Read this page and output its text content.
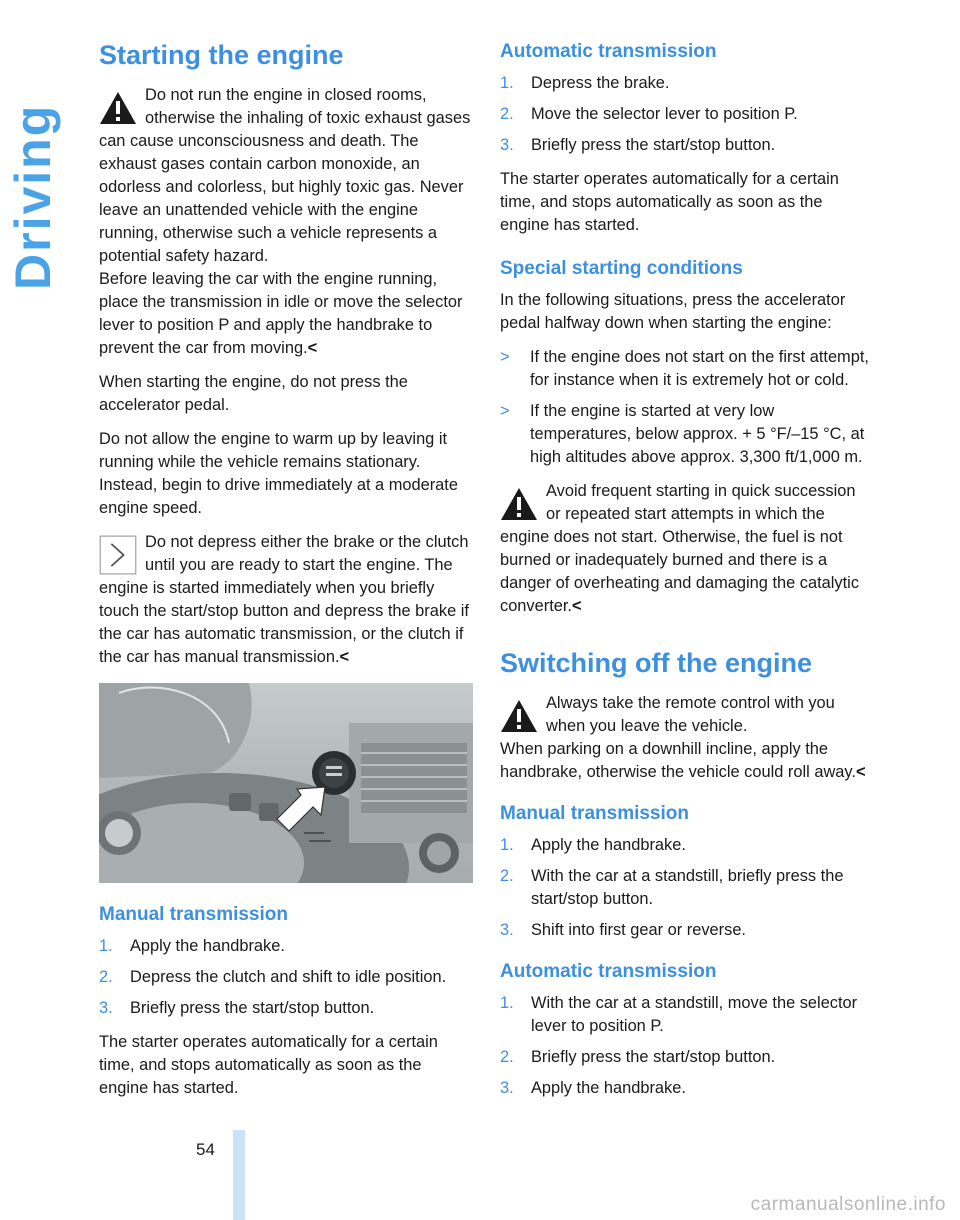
Driving
54
carmanualsonline.info
Starting the engine
Do not run the engine in closed rooms, otherwise the inhaling of toxic exhaust gases can cause unconsciousness and death. The exhaust gases contain carbon monoxide, an odorless and colorless, but highly toxic gas. Never leave an unattended vehicle with the engine running, otherwise such a vehicle represents a potential safety hazard.
Before leaving the car with the engine running, place the transmission in idle or move the selector lever to position P and apply the handbrake to prevent the car from moving.<

When starting the engine, do not press the accelerator pedal.

Do not allow the engine to warm up by leaving it running while the vehicle remains stationary. Instead, begin to drive immediately at a moderate engine speed.

Do not depress either the brake or the clutch until you are ready to start the engine. The engine is started immediately when you briefly touch the start/stop button and depress the brake if the car has automatic transmission, or the clutch if the car has manual transmission.<
Manual transmission
1. Apply the handbrake.
2. Depress the clutch and shift to idle position.
3. Briefly press the start/stop button.

The starter operates automatically for a certain time, and stops automatically as soon as the engine has started.

Automatic transmission
1. Depress the brake.
2. Move the selector lever to position P.
3. Briefly press the start/stop button.

The starter operates automatically for a certain time, and stops automatically as soon as the engine has started.

Special starting conditions

In the following situations, press the accelerator pedal halfway down when starting the engine:

> If the engine does not start on the first attempt, for instance when it is extremely hot or cold.
> If the engine is started at very low temperatures, below approx. + 5 °F/–15 °C, at high altitudes above approx. 3,300 ft/1,000 m.
Avoid frequent starting in quick succession or repeated start attempts in which the engine does not start. Otherwise, the fuel is not burned or inadequately burned and there is a danger of overheating and damaging the catalytic converter.<
Switching off the engine
Always take the remote control with you when you leave the vehicle.
When parking on a downhill incline, apply the handbrake, otherwise the vehicle could roll away.<
Manual transmission
1. Apply the handbrake.
2. With the car at a standstill, briefly press the start/stop button.
3. Shift into first gear or reverse.
Automatic transmission
1. With the car at a standstill, move the selector lever to position P.
2. Briefly press the start/stop button.
3. Apply the handbrake.
